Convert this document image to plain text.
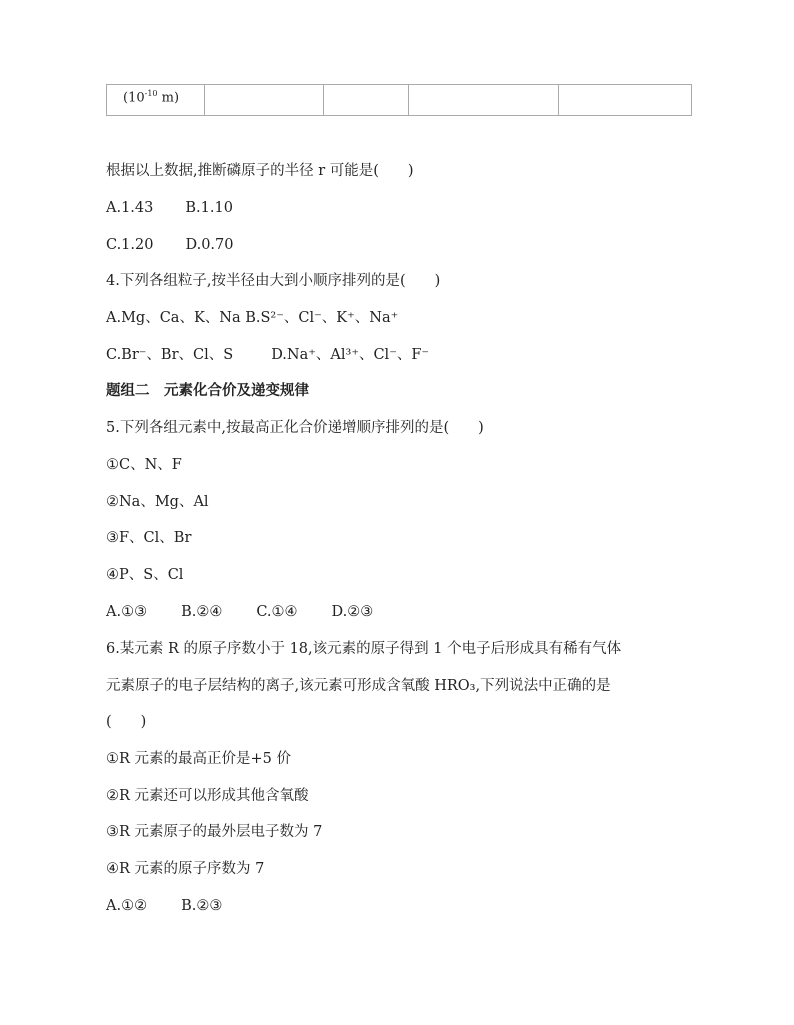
($10^{-10}$ m)				
根据以上数据,推断磷原子的半径 r 可能是(　　)
A.1.43 B.1.10
C.1.20 D.0.70
4.下列各组粒子,按半径由大到小顺序排列的是(　　)
A.Mg、Ca、K、Na B.S²⁻、Cl⁻、K⁺、Na⁺
C.Br⁻、Br、Cl、S	D.Na⁺、Al³⁺、Cl⁻、F⁻
题组二　元素化合价及递变规律
5.下列各组元素中,按最高正化合价递增顺序排列的是(　　)
①C、N、F
②Na、Mg、Al
③F、Cl、Br
④P、S、Cl
A.①③ B.②④ C.①④ D.②③
6.某元素 R 的原子序数小于 18,该元素的原子得到 1 个电子后形成具有稀有气体
元素原子的电子层结构的离子,该元素可形成含氧酸 HRO₃,下列说法中正确的是
(　　)
①R 元素的最高正价是+5 价
②R 元素还可以形成其他含氧酸
③R 元素原子的最外层电子数为 7
④R 元素的原子序数为 7
A.①② B.②③
